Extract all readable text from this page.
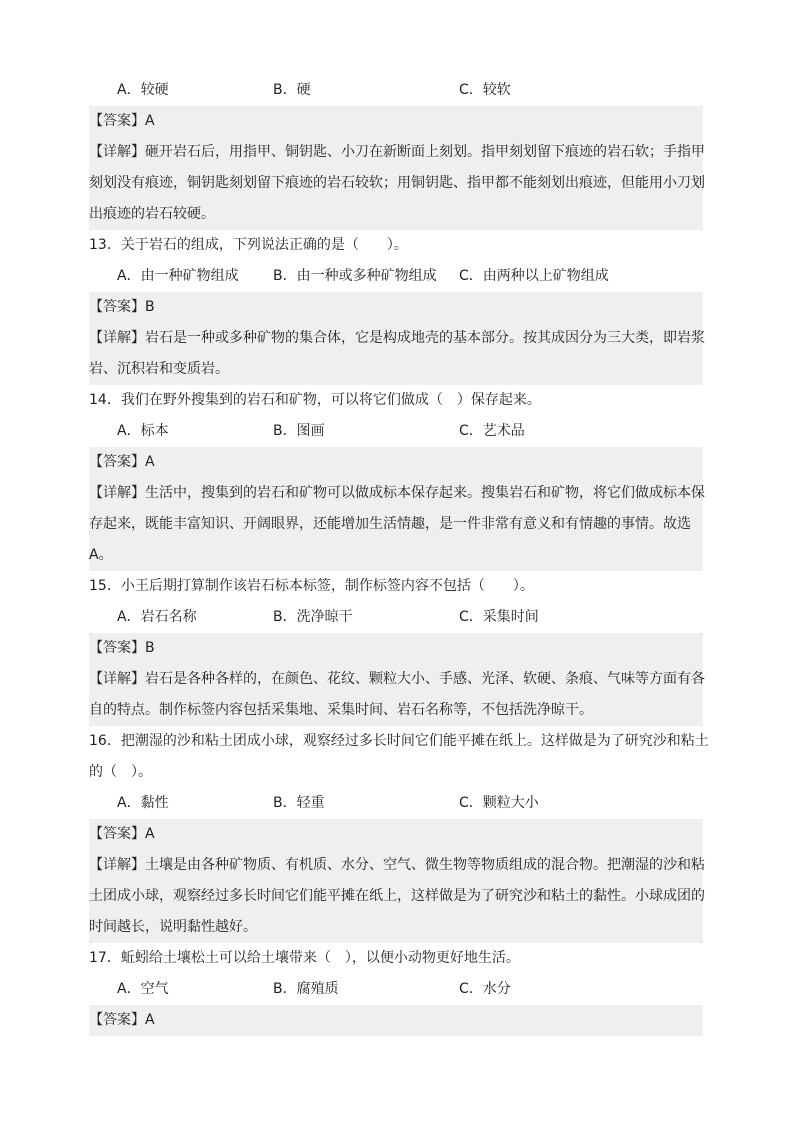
A．较硬	B．硬	C．较软
【答案】A
【详解】砸开岩石后，用指甲、铜钥匙、小刀在新断面上刻划。指甲刻划留下痕迹的岩石软；手指甲
刻划没有痕迹，铜钥匙刻划留下痕迹的岩石较软；用铜钥匙、指甲都不能刻划出痕迹，但能用小刀划
出痕迹的岩石较硬。
13．关于岩石的组成，下列说法正确的是（　　）。
A．由一种矿物组成 B．由一种或多种矿物组成 C．由两种以上矿物组成
【答案】B
【详解】岩石是一种或多种矿物的集合体，它是构成地壳的基本部分。按其成因分为三大类，即岩浆
岩、沉积岩和变质岩。
14．我们在野外搜集到的岩石和矿物，可以将它们做成（　）保存起来。
A．标本	B．图画	C．艺术品
【答案】A
【详解】生活中，搜集到的岩石和矿物可以做成标本保存起来。搜集岩石和矿物，将它们做成标本保
存起来，既能丰富知识、开阔眼界，还能增加生活情趣，是一件非常有意义和有情趣的事情。故选
A。
15．小王后期打算制作该岩石标本标签，制作标签内容不包括（　　）。
A．岩石名称	B．洗净晾干	C．采集时间
【答案】B
【详解】岩石是各种各样的，在颜色、花纹、颗粒大小、手感、光泽、软硬、条痕、气味等方面有各
自的特点。制作标签内容包括采集地、采集时间、岩石名称等，不包括洗净晾干。
16．把潮湿的沙和粘土团成小球，观察经过多长时间它们能平摊在纸上。这样做是为了研究沙和粘土
的（　）。
A．黏性	B．轻重	C．颗粒大小
【答案】A
【详解】土壤是由各种矿物质、有机质、水分、空气、微生物等物质组成的混合物。把潮湿的沙和粘
土团成小球，观察经过多长时间它们能平摊在纸上，这样做是为了研究沙和粘土的黏性。小球成团的
时间越长，说明黏性越好。
17．蚯蚓给土壤松土可以给土壤带来（　），以便小动物更好地生活。
A．空气	B．腐殖质	C．水分
【答案】A
